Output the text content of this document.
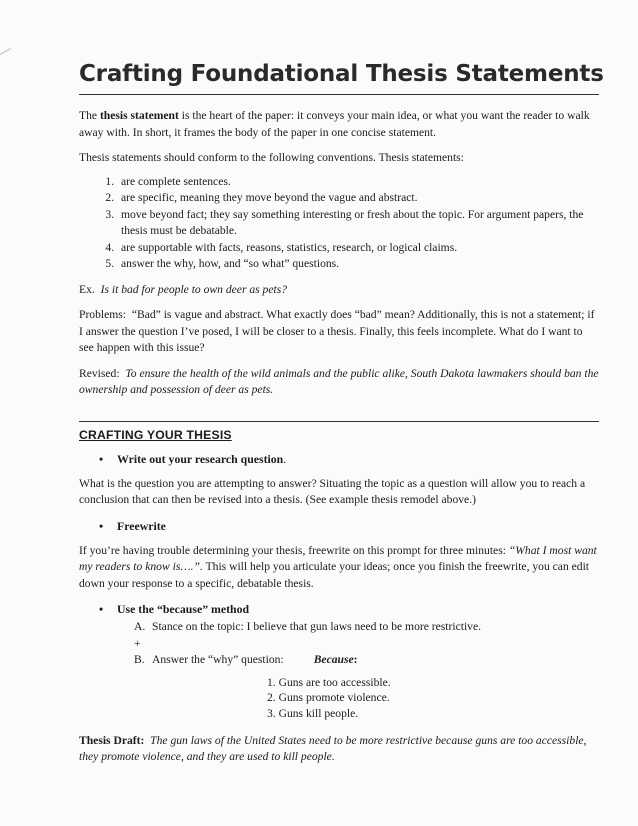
Crafting Foundational Thesis Statements

The thesis statement is the heart of the paper: it conveys your main idea, or what you want the reader to walk away with. In short, it frames the body of the paper in one concise statement.

Thesis statements should conform to the following conventions. Thesis statements:

1. are complete sentences.
2. are specific, meaning they move beyond the vague and abstract.
3. move beyond fact; they say something interesting or fresh about the topic. For argument papers, the thesis must be debatable.
4. are supportable with facts, reasons, statistics, research, or logical claims.
5. answer the why, how, and “so what” questions.

Ex. Is it bad for people to own deer as pets?

Problems: “Bad” is vague and abstract. What exactly does “bad” mean? Additionally, this is not a statement; if I answer the question I’ve posed, I will be closer to a thesis. Finally, this feels incomplete. What do I want to see happen with this issue?

Revised: To ensure the health of the wild animals and the public alike, South Dakota lawmakers should ban the ownership and possession of deer as pets.

CRAFTING YOUR THESIS
•	Write out your research question.

What is the question you are attempting to answer? Situating the topic as a question will allow you to reach a conclusion that can then be revised into a thesis. (See example thesis remodel above.)

•	Freewrite

If you’re having trouble determining your thesis, freewrite on this prompt for three minutes: “What I most want my readers to know is….”. This will help you articulate your ideas; once you finish the freewrite, you can edit down your response to a specific, debatable thesis.

•	Use the “because” method
A. Stance on the topic: I believe that gun laws need to be more restrictive.
+
B. Answer the “why” question:	Because:
1. Guns are too accessible.
2. Guns promote violence.
3. Guns kill people.

Thesis Draft: The gun laws of the United States need to be more restrictive because guns are too accessible, they promote violence, and they are used to kill people.
